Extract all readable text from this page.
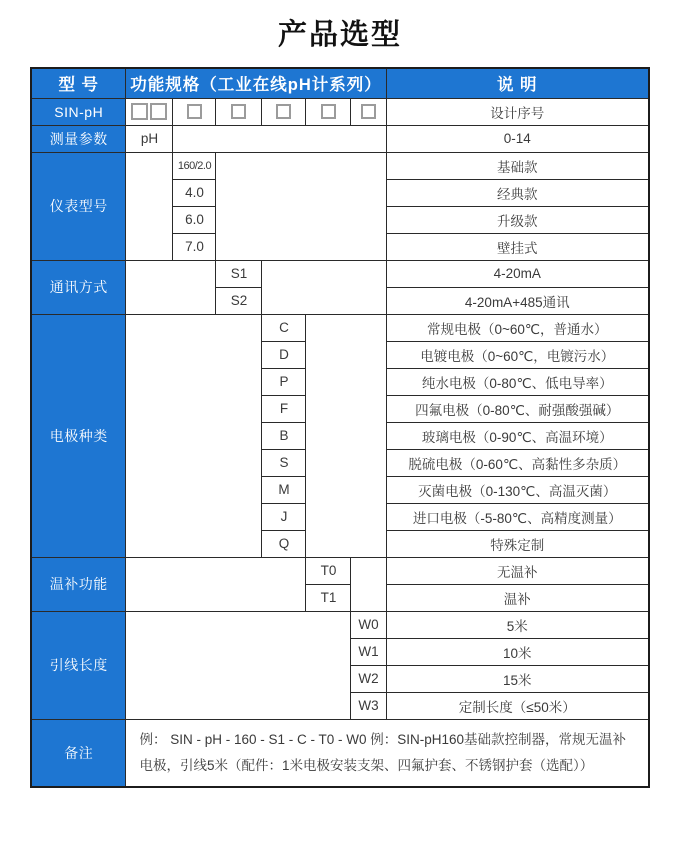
产品选型
型 号	功能规格（工业在线pH计系列）						说 明
SIN-pH							设计序号
测量参数	pH						0-14
仪表型号		160/2.0					基础款
		4.0					经典款
		6.0					升级款
		7.0					壁挂式
通讯方式			S1				4-20mA
			S2				4-20mA+485通讯
电极种类				C			常规电极（0~60℃，普通水）
				D			电镀电极（0~60℃，电镀污水）
				P			纯水电极（0-80℃、低电导率）
				F			四氟电极（0-80℃、耐强酸强碱）
				B			玻璃电极（0-90℃、高温环境）
				S			脱硫电极（0-60℃、高黏性多杂质）
				M			灭菌电极（0-130℃、高温灭菌）
				J			进口电极（-5-80℃、高精度测量）
				Q			特殊定制
温补功能					T0		无温补
					T1		温补
引线长度						W0	5米
						W1	10米
						W2	15米
						W3	定制长度（≤50米）
备注	例： SIN - pH - 160 - S1 - C - T0 - W0 例：SIN-pH160基础款控制器，常规无温补电极，引线5米（配件：1米电极安装支架、四氟护套、不锈钢护套（选配））						
